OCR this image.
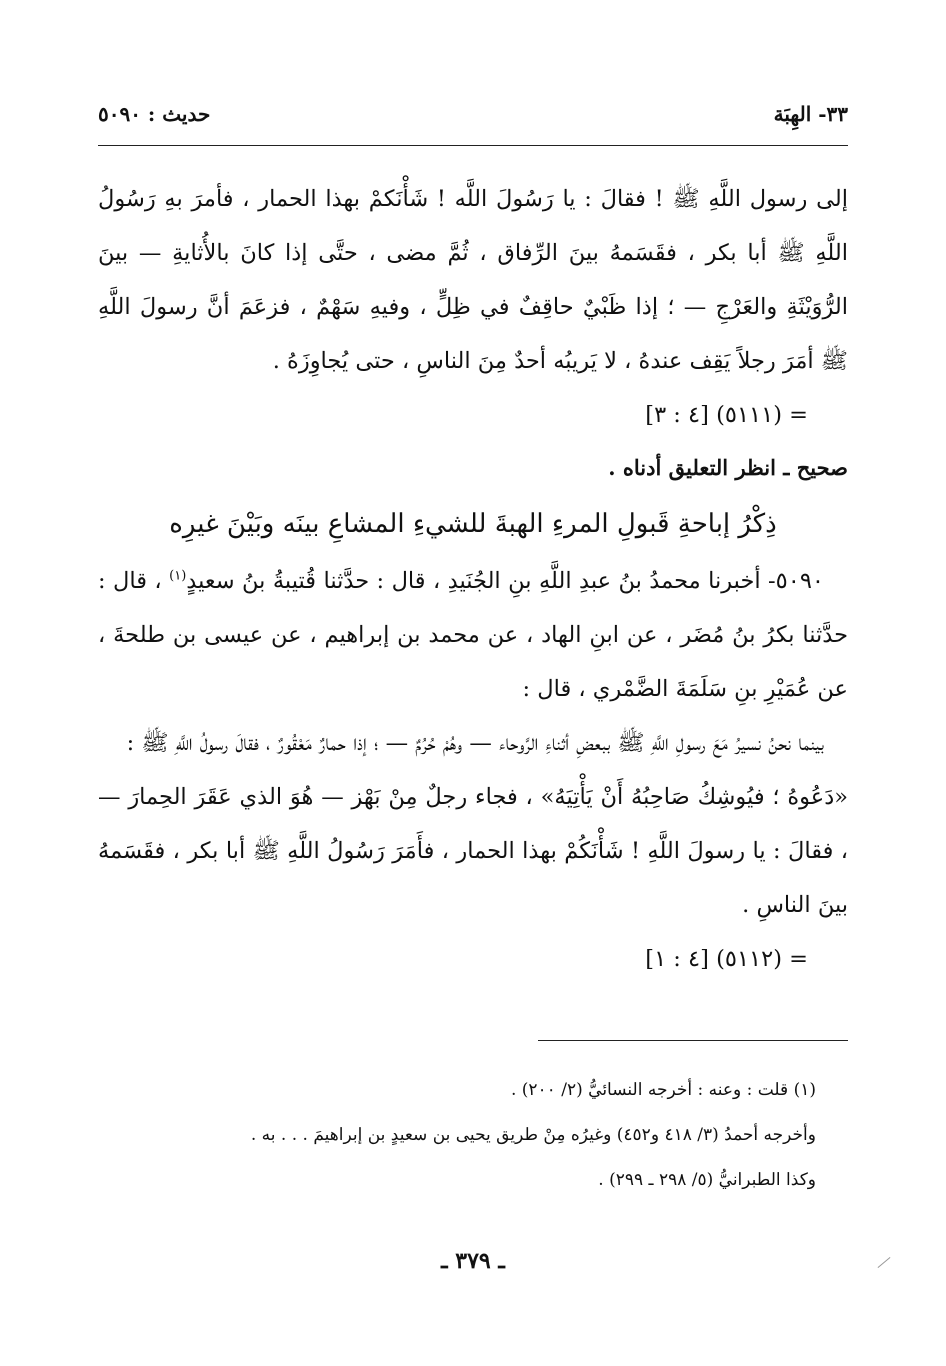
٣٣- الهِبَة
حديث : ٥٠٩٠

إلى رسول اللَّهِ ﷺ ! فقالَ : يا رَسُولَ اللَّه ! شَأْنَكمْ بهذا الحمار ، فأمرَ بهِ رَسُولُ اللَّهِ ﷺ أبا بكر ، فقَسَمهُ بينَ الرِّفاق ، ثُمَّ مضى ، حتَّى إذا كانَ بالأُثايةِ — بينَ الرُّوَيْثَةِ والعَرْجِ — ؛ إذا ظَبْيٌ حاقِفٌ في ظِلٍّ ، وفيهِ سَهْمٌ ، فزعَمَ أنَّ رسولَ اللَّهِ ﷺ أمَرَ رجلاً يَقِف عندهُ ، لا يَريبُه أحدٌ مِنَ الناسِ ، حتى يُجاوِزَهُ .

= (٥١١١) [٤ : ٣]

صحيح ـ انظر التعليق أدناه .

ذِكْرُ إباحةِ قَبولِ المرءِ الهبةَ للشيءِ المشاعِ بينَه وبَيْنَ غيرِه

٥٠٩٠- أخبرنا محمدُ بنُ عبدِ اللَّهِ بنِ الجُنَيدِ ، قال : حدَّثنا قُتيبةُ بنُ سعيدٍ$^{(١)}$ ، قال : حدَّثنا بكرُ بنُ مُضَر ، عن ابنِ الهاد ، عن محمد بن إبراهيم ، عن عيسى بن طلحةَ ، عن عُمَيْرِ بنِ سَلَمَةَ الضَّمْري ، قال :

بينما نحنُ نسيرُ مَعَ رسولِ اللَّهِ ﷺ ببعضِ أثناءِ الرَّوحاء — وهُمْ حُرُمٌ — ؛ إذا حمارٌ مَعْقُورٌ ، فقالَ رسولُ اللَّهِ ﷺ :

«دَعُوهُ ؛ فيُوشِكُ صَاحِبُهُ أَنْ يَأْتِيَهُ» ، فجاء رجلٌ مِنْ بَهْز — هُوَ الذي عَقَرَ الحِمارَ — ، فقالَ : يا رسولَ اللَّهِ ! شَأْنَكُمْ بهذا الحمار ، فأَمَرَ رَسُولُ اللَّهِ ﷺ أبا بكر ، فقَسَمهُ بينَ الناسِ .

= (٥١١٢) [٤ : ١]

(١) قلت : وعنه : أخرجه النسائيُّ (٢/ ٢٠٠) .

وأخرجه أحمدُ (٣/ ٤١٨ و٤٥٢) وغيرُه مِنْ طريق يحيى بن سعيدٍ بن إبراهيمَ . . . به .

وكذا الطبرانيُّ (٥/ ٢٩٨ ـ ٢٩٩) .

ـ ٣٧٩ ـ
